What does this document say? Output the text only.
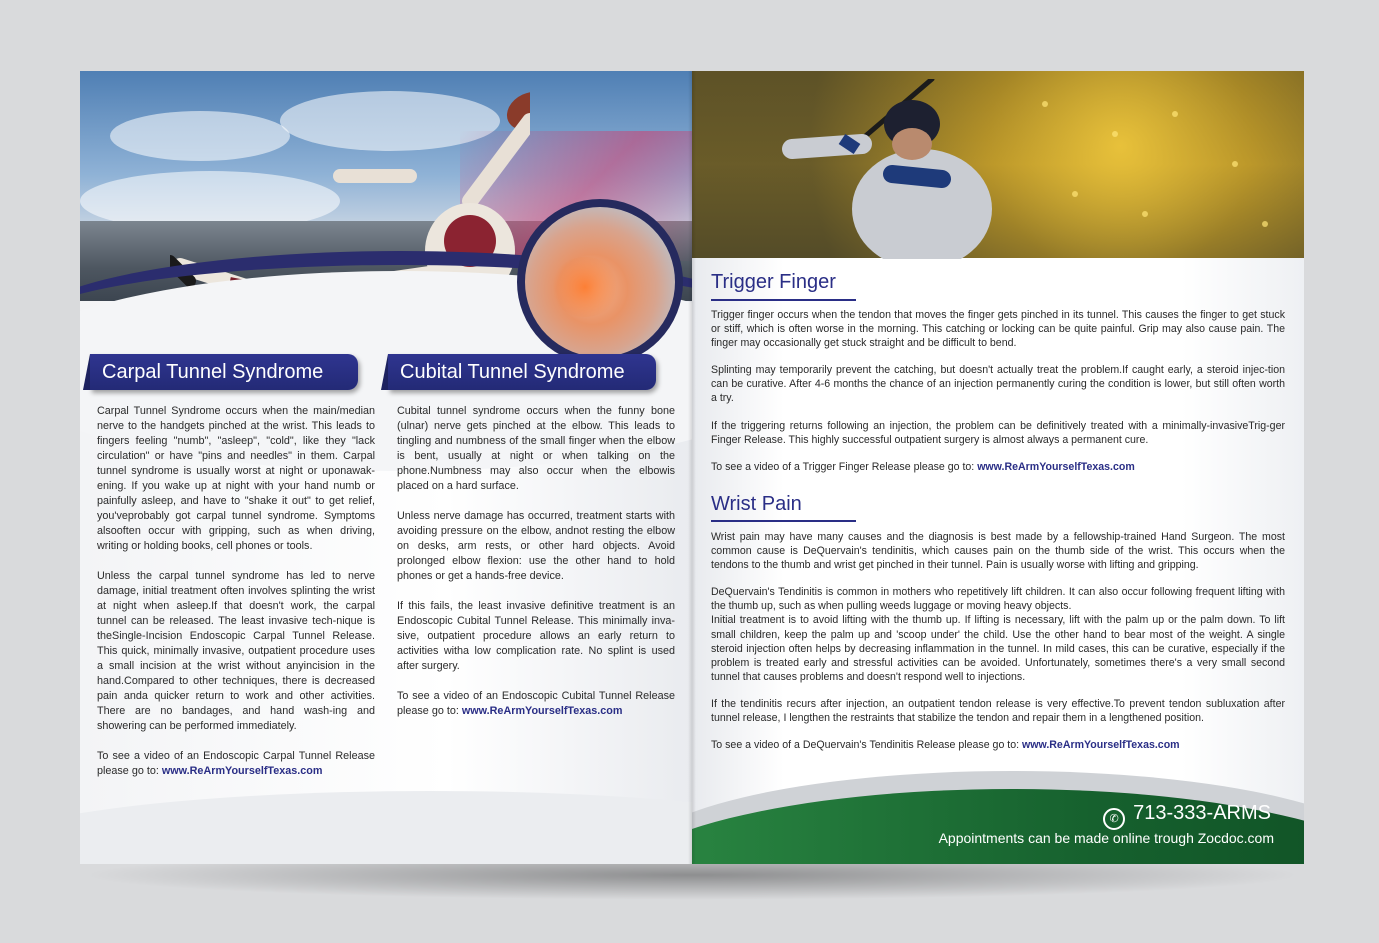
3
Carpal Tunnel Syndrome

Carpal Tunnel Syndrome occurs when the main/median nerve to the handgets pinched at the wrist. This leads to fingers feeling "numb", "asleep", "cold", like they "lack circulation" or have "pins and needles" in them. Carpal tunnel syndrome is usually worst at night or uponawak-ening. If you wake up at night with your hand numb or painfully asleep, and have to "shake it out" to get relief, you'veprobably got carpal tunnel syndrome. Symptoms alsooften occur with gripping, such as when driving, writing or holding books, cell phones or tools.

Unless the carpal tunnel syndrome has led to nerve damage, initial treatment often involves splinting the wrist at night when asleep.If that doesn't work, the carpal tunnel can be released. The least invasive tech-nique is theSingle-Incision Endoscopic Carpal Tunnel Release. This quick, minimally invasive, outpatient procedure uses a small incision at the wrist without anyincision in the hand.Compared to other techniques, there is decreased pain anda quicker return to work and other activities. There are no bandages, and hand wash-ing and showering can be performed immediately.

To see a video of an Endoscopic Carpal Tunnel Release please go to: www.ReArmYourselfTexas.com

Cubital Tunnel Syndrome

Cubital tunnel syndrome occurs when the funny bone (ulnar) nerve gets pinched at the elbow. This leads to tingling and numbness of the small finger when the elbow is bent, usually at night or when talking on the phone.Numbness may also occur when the elbowis placed on a hard surface.

Unless nerve damage has occurred, treatment starts with avoiding pressure on the elbow, andnot resting the elbow on desks, arm rests, or other hard objects. Avoid prolonged elbow flexion: use the other hand to hold phones or get a hands-free device.

If this fails, the least invasive definitive treatment is an Endoscopic Cubital Tunnel Release. This minimally inva-sive, outpatient procedure allows an early return to activities witha low complication rate. No splint is used after surgery.

To see a video of an Endoscopic Cubital Tunnel Release please go to: www.ReArmYourselfTexas.com

Trigger Finger

Trigger finger occurs when the tendon that moves the finger gets pinched in its tunnel. This causes the finger to get stuck or stiff, which is often worse in the morning. This catching or locking can be quite painful. Grip may also cause pain. The finger may occasionally get stuck straight and be difficult to bend.

Splinting may temporarily prevent the catching, but doesn't actually treat the problem.If caught early, a steroid injec-tion can be curative. After 4-6 months the chance of an injection permanently curing the condition is lower, but still often worth a try.

If the triggering returns following an injection, the problem can be definitively treated with a minimally-invasiveTrig-ger Finger Release. This highly successful outpatient surgery is almost always a permanent cure.

To see a video of a Trigger Finger Release please go to: www.ReArmYourselfTexas.com

Wrist Pain

Wrist pain may have many causes and the diagnosis is best made by a fellowship-trained Hand Surgeon. The most common cause is DeQuervain's tendinitis, which causes pain on the thumb side of the wrist. This occurs when the tendons to the thumb and wrist get pinched in their tunnel. Pain is usually worse with lifting and gripping.

DeQuervain's Tendinitis is common in mothers who repetitively lift children. It can also occur following frequent lifting with the thumb up, such as when pulling weeds luggage or moving heavy objects.

Initial treatment is to avoid lifting with the thumb up. If lifting is necessary, lift with the palm up or the palm down. To lift small children, keep the palm up and 'scoop under' the child. Use the other hand to bear most of the weight. A single steroid injection often helps by decreasing inflammation in the tunnel. In mild cases, this can be curative, especially if the problem is treated early and stressful activities can be avoided. Unfortunately, sometimes there's a very small second tunnel that causes problems and doesn't respond well to injections.

If the tendinitis recurs after injection, an outpatient tendon release is very effective.To prevent tendon subluxation after tunnel release, I lengthen the restraints that stabilize the tendon and repair them in a lengthened position.

To see a video of a DeQuervain's Tendinitis Release please go to: www.ReArmYourselfTexas.com

✆ 713-333-ARMS
Appointments can be made online trough Zocdoc.com
